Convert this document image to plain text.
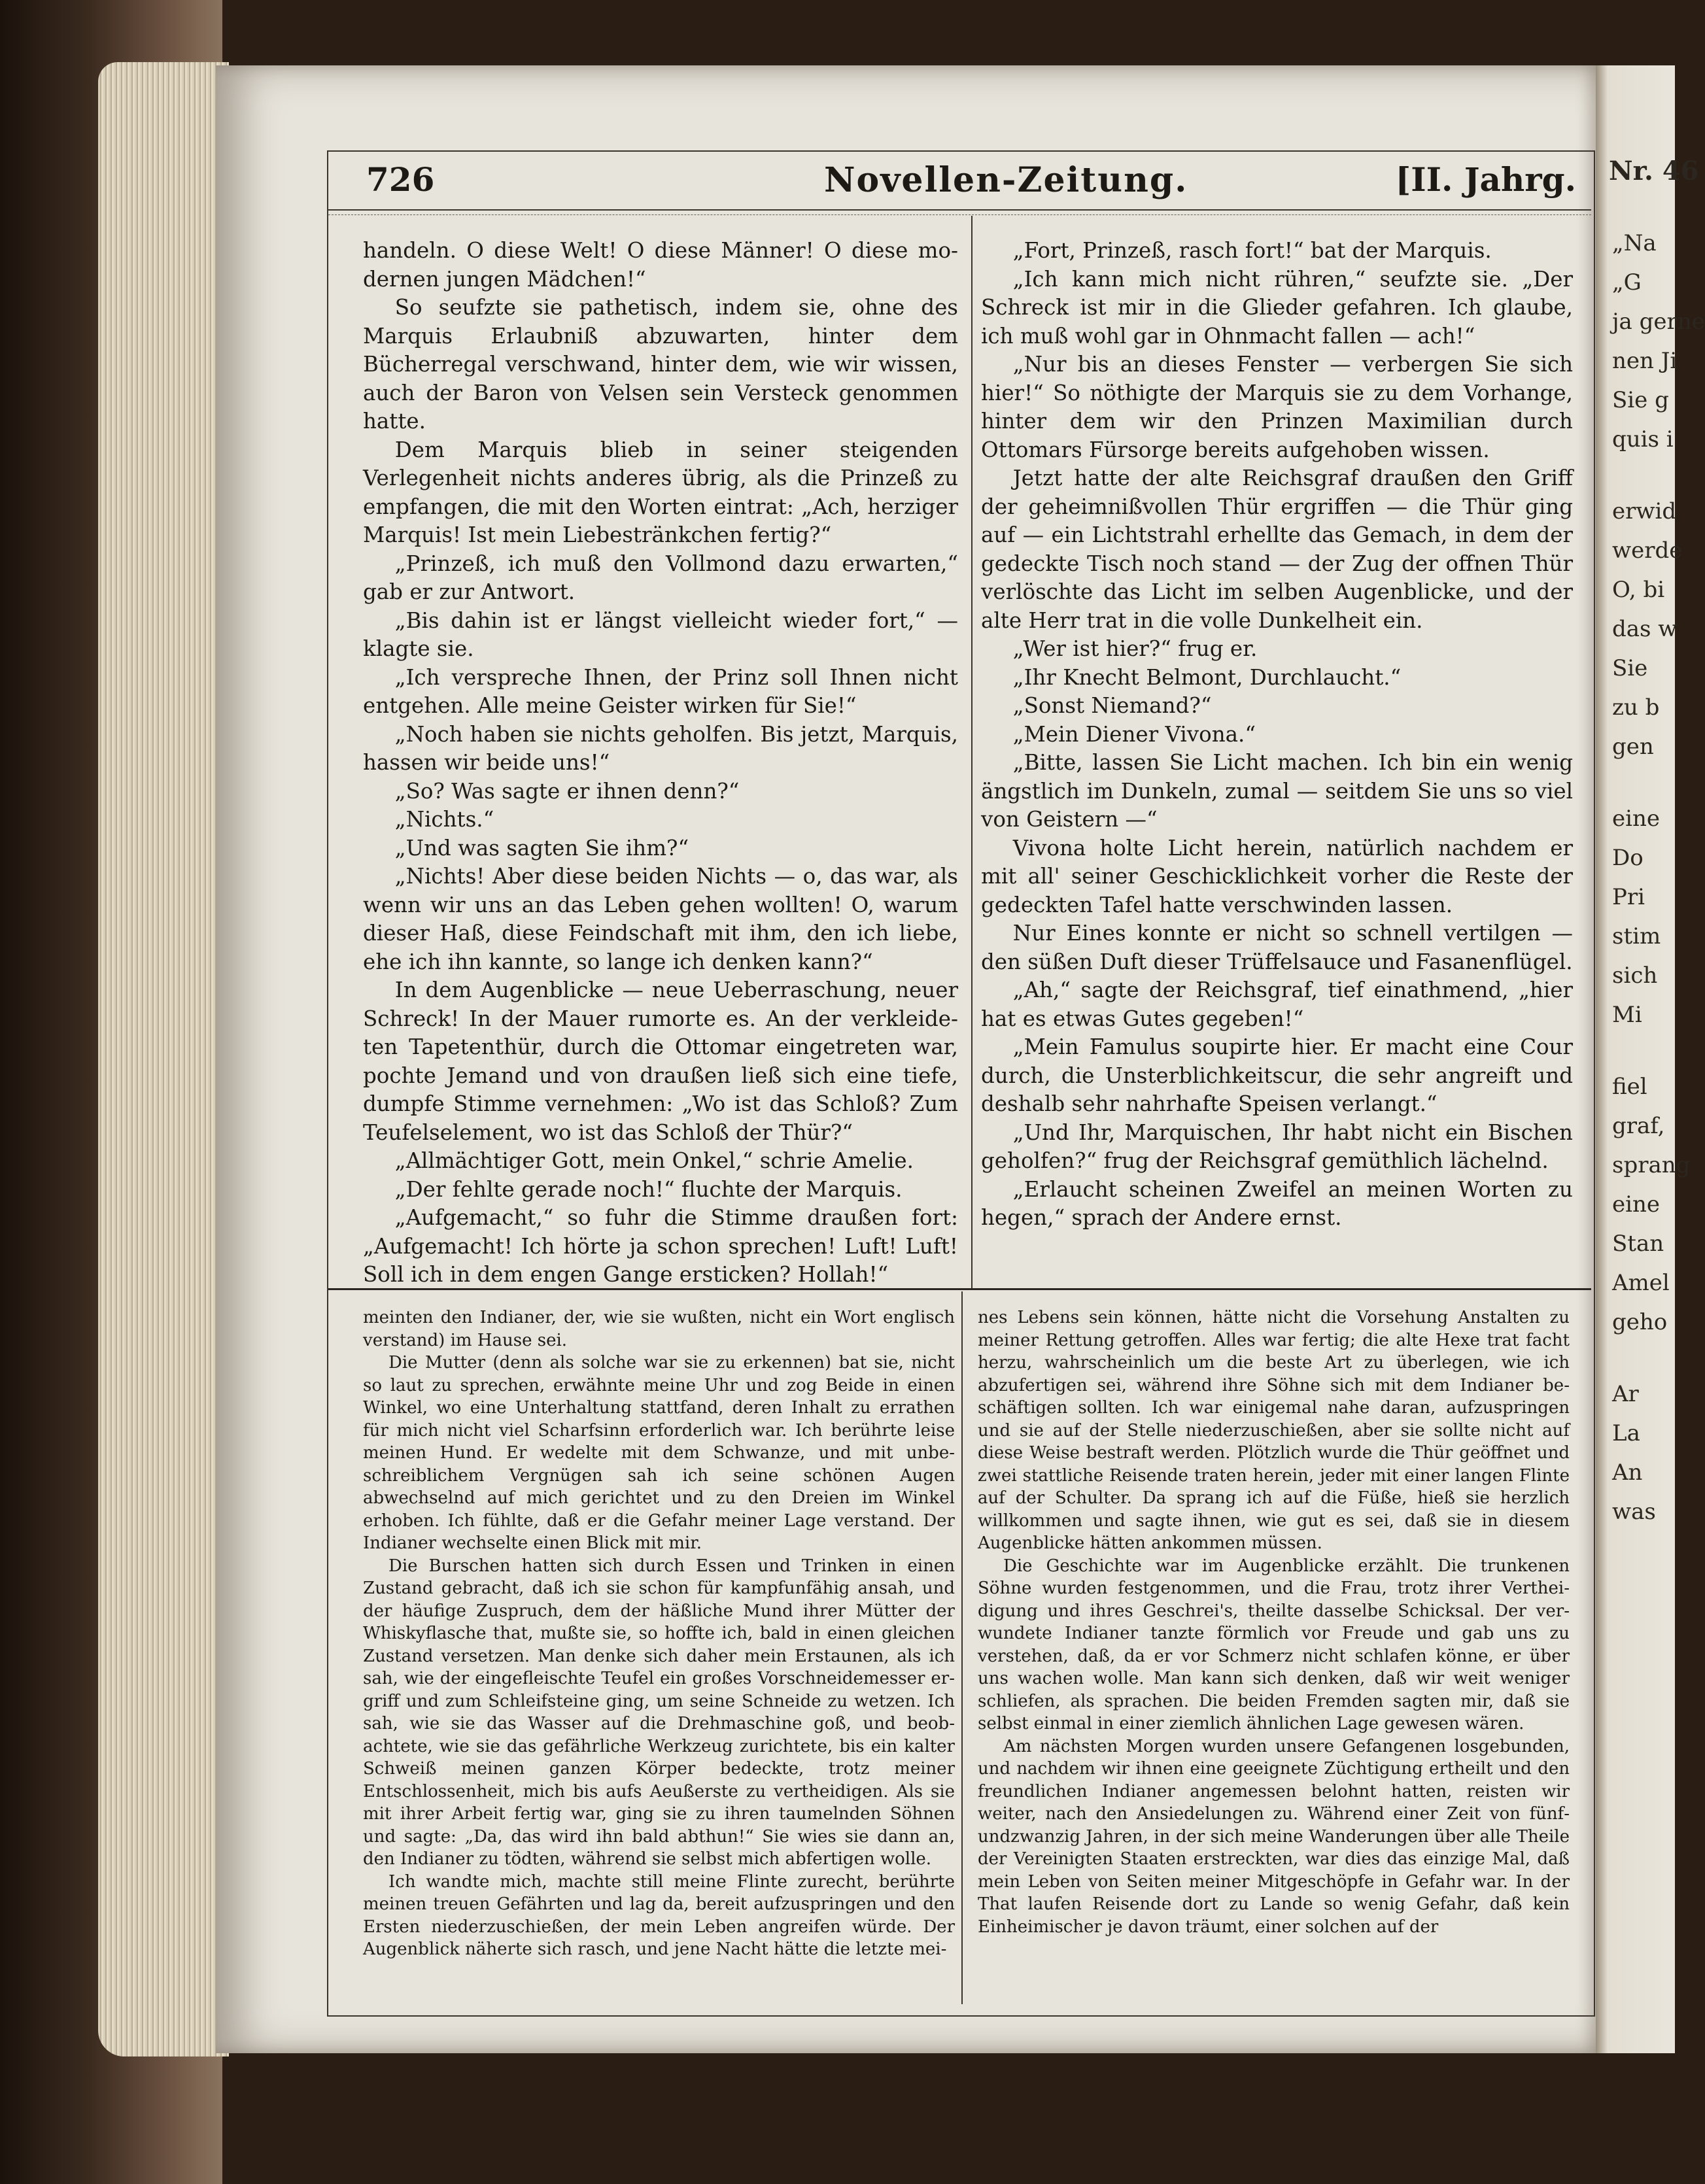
Nr. 46
„Na
„G
ja gerne
nen Ji
Sie g
quis i
erwid
werde
O, bi
das w
Sie
zu b
gen
eine
Do
Pri
stim
sich
Mi
fiel
graf,
sprang
eine
Stan
Amel
geho
Ar
La
An
was
726	Novellen-Zeitung.	[II. Jahrg.

handeln. O diese Welt! O diese Männer! O diese modernen jungen Mädchen!“

So seufzte sie pathetisch, indem sie, ohne des Marquis Erlaubniß abzuwarten, hinter dem Bücherregal verschwand, hinter dem, wie wir wissen, auch der Baron von Velsen sein Versteck genommen hatte.

Dem Marquis blieb in seiner steigenden Verlegenheit nichts anderes übrig, als die Prinzeß zu empfangen, die mit den Worten eintrat: „Ach, herziger Marquis! Ist mein Liebestränkchen fertig?“

„Prinzeß, ich muß den Vollmond dazu erwarten,“ gab er zur Antwort.

„Bis dahin ist er längst vielleicht wieder fort,“ — klagte sie.

„Ich verspreche Ihnen, der Prinz soll Ihnen nicht entgehen. Alle meine Geister wirken für Sie!“

„Noch haben sie nichts geholfen. Bis jetzt, Marquis, hassen wir beide uns!“

„So? Was sagte er ihnen denn?“

„Nichts.“

„Und was sagten Sie ihm?“

„Nichts! Aber diese beiden Nichts — o, das war, als wenn wir uns an das Leben gehen wollten! O, warum dieser Haß, diese Feindschaft mit ihm, den ich liebe, ehe ich ihn kannte, so lange ich denken kann?“

In dem Augenblicke — neue Ueberraschung, neuer Schreck! In der Mauer rumorte es. An der verkleideten Tapetenthür, durch die Ottomar eingetreten war, pochte Jemand und von draußen ließ sich eine tiefe, dumpfe Stimme vernehmen: „Wo ist das Schloß? Zum Teufelselement, wo ist das Schloß der Thür?“

„Allmächtiger Gott, mein Onkel,“ schrie Amelie.

„Der fehlte gerade noch!“ fluchte der Marquis.

„Aufgemacht,“ so fuhr die Stimme draußen fort: „Aufgemacht! Ich hörte ja schon sprechen! Luft! Luft! Soll ich in dem engen Gange ersticken? Hollah!“

„Fort, Prinzeß, rasch fort!“ bat der Marquis.

„Ich kann mich nicht rühren,“ seufzte sie. „Der Schreck ist mir in die Glieder gefahren. Ich glaube, ich muß wohl gar in Ohnmacht fallen — ach!“

„Nur bis an dieses Fenster — verbergen Sie sich hier!“ So nöthigte der Marquis sie zu dem Vorhange, hinter dem wir den Prinzen Maximilian durch Ottomars Fürsorge bereits aufgehoben wissen.

Jetzt hatte der alte Reichsgraf draußen den Griff der geheimnißvollen Thür ergriffen — die Thür ging auf — ein Lichtstrahl erhellte das Gemach, in dem der gedeckte Tisch noch stand — der Zug der offnen Thür verlöschte das Licht im selben Augenblicke, und der alte Herr trat in die volle Dunkelheit ein.

„Wer ist hier?“ frug er.

„Ihr Knecht Belmont, Durchlaucht.“

„Sonst Niemand?“

„Mein Diener Vivona.“

„Bitte, lassen Sie Licht machen. Ich bin ein wenig ängstlich im Dunkeln, zumal — seitdem Sie uns so viel von Geistern —“

Vivona holte Licht herein, natürlich nachdem er mit all' seiner Geschicklichkeit vorher die Reste der gedeckten Tafel hatte verschwinden lassen.

Nur Eines konnte er nicht so schnell vertilgen — den süßen Duft dieser Trüffelsauce und Fasanenflügel.

„Ah,“ sagte der Reichsgraf, tief einathmend, „hier hat es etwas Gutes gegeben!“

„Mein Famulus soupirte hier. Er macht eine Cour durch, die Unsterblichkeitscur, die sehr angreift und deshalb sehr nahrhafte Speisen verlangt.“

„Und Ihr, Marquischen, Ihr habt nicht ein Bischen geholfen?“ frug der Reichsgraf gemüthlich lächelnd.

„Erlaucht scheinen Zweifel an meinen Worten zu hegen,“ sprach der Andere ernst.

meinten den Indianer, der, wie sie wußten, nicht ein Wort englisch verstand) im Hause sei.

Die Mutter (denn als solche war sie zu erkennen) bat sie, nicht so laut zu sprechen, erwähnte meine Uhr und zog Beide in einen Winkel, wo eine Unterhaltung stattfand, deren Inhalt zu errathen für mich nicht viel Scharfsinn erforderlich war. Ich berührte leise meinen Hund. Er wedelte mit dem Schwanze, und mit unbeschreiblichem Vergnügen sah ich seine schönen Augen abwechselnd auf mich gerichtet und zu den Dreien im Winkel erhoben. Ich fühlte, daß er die Gefahr meiner Lage verstand. Der Indianer wechselte einen Blick mit mir.

Die Burschen hatten sich durch Essen und Trinken in einen Zustand gebracht, daß ich sie schon für kampfunfähig ansah, und der häufige Zuspruch, dem der häßliche Mund ihrer Mütter der Whiskyflasche that, mußte sie, so hoffte ich, bald in einen gleichen Zustand versetzen. Man denke sich daher mein Erstaunen, als ich sah, wie der eingefleischte Teufel ein großes Vorschneidemesser ergriff und zum Schleifsteine ging, um seine Schneide zu wetzen. Ich sah, wie sie das Wasser auf die Drehmaschine goß, und beobachtete, wie sie das gefährliche Werkzeug zurichtete, bis ein kalter Schweiß meinen ganzen Körper bedeckte, trotz meiner Entschlossenheit, mich bis aufs Aeußerste zu vertheidigen. Als sie mit ihrer Arbeit fertig war, ging sie zu ihren taumelnden Söhnen und sagte: „Da, das wird ihn bald abthun!“ Sie wies sie dann an, den Indianer zu tödten, während sie selbst mich abfertigen wolle.

Ich wandte mich, machte still meine Flinte zurecht, berührte meinen treuen Gefährten und lag da, bereit aufzuspringen und den Ersten niederzuschießen, der mein Leben angreifen würde. Der Augenblick näherte sich rasch, und jene Nacht hätte die letzte mei-

nes Lebens sein können, hätte nicht die Vorsehung Anstalten zu meiner Rettung getroffen. Alles war fertig; die alte Hexe trat facht herzu, wahrscheinlich um die beste Art zu überlegen, wie ich abzufertigen sei, während ihre Söhne sich mit dem Indianer beschäftigen sollten. Ich war einigemal nahe daran, aufzuspringen und sie auf der Stelle niederzuschießen, aber sie sollte nicht auf diese Weise bestraft werden. Plötzlich wurde die Thür geöffnet und zwei stattliche Reisende traten herein, jeder mit einer langen Flinte auf der Schulter. Da sprang ich auf die Füße, hieß sie herzlich willkommen und sagte ihnen, wie gut es sei, daß sie in diesem Augenblicke hätten ankommen müssen.

Die Geschichte war im Augenblicke erzählt. Die trunkenen Söhne wurden festgenommen, und die Frau, trotz ihrer Vertheidigung und ihres Geschrei's, theilte dasselbe Schicksal. Der verwundete Indianer tanzte förmlich vor Freude und gab uns zu verstehen, daß, da er vor Schmerz nicht schlafen könne, er über uns wachen wolle. Man kann sich denken, daß wir weit weniger schliefen, als sprachen. Die beiden Fremden sagten mir, daß sie selbst einmal in einer ziemlich ähnlichen Lage gewesen wären.

Am nächsten Morgen wurden unsere Gefangenen losgebunden, und nachdem wir ihnen eine geeignete Züchtigung ertheilt und den freundlichen Indianer angemessen belohnt hatten, reisten wir weiter, nach den Ansiedelungen zu. Während einer Zeit von fünfundzwanzig Jahren, in der sich meine Wanderungen über alle Theile der Vereinigten Staaten erstreckten, war dies das einzige Mal, daß mein Leben von Seiten meiner Mitgeschöpfe in Gefahr war. In der That laufen Reisende dort zu Lande so wenig Gefahr, daß kein Einheimischer je davon träumt, einer solchen auf der
